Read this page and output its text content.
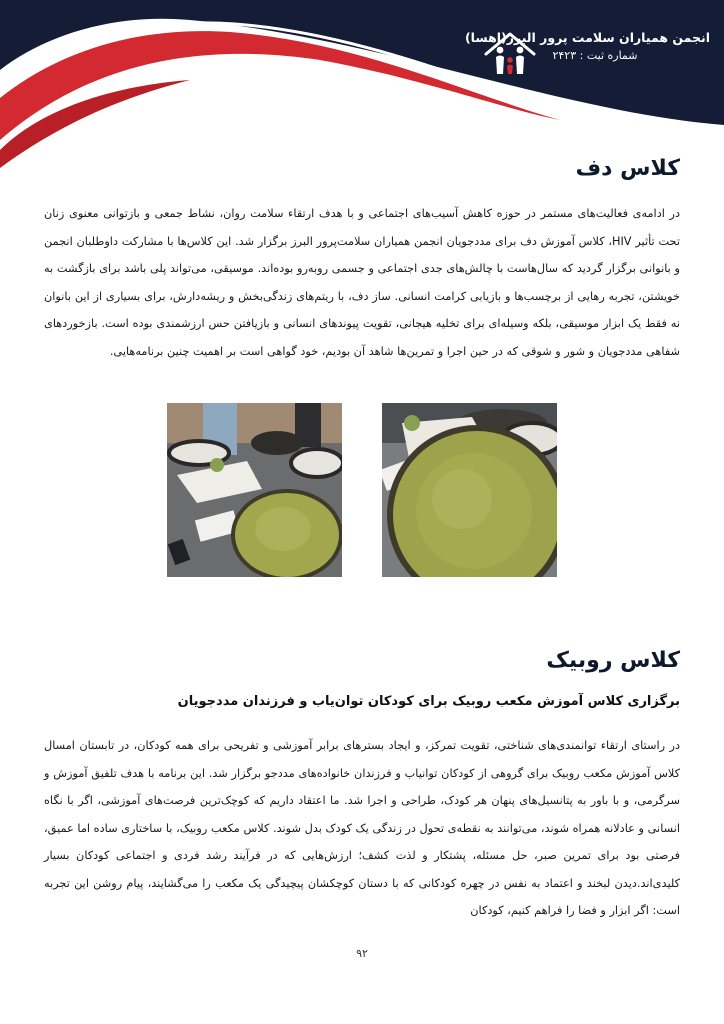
انجمن همیاران سلامت پرور البرز(اهسا)
شماره ثبت : ۲۴۲۳
کلاس دف

در ادامه‌ی فعالیت‌های مستمر در حوزه کاهش آسیب‌های اجتماعی و با هدف ارتقاء سلامت روان، نشاط جمعی و بازتوانی معنوی زنان تحت تأثیر HIV، کلاس آموزش دف برای مددجویان انجمن همیاران سلامت‌پرور البرز برگزار شد. این کلاس‌ها با مشارکت داوطلبان انجمن و بانوانی برگزار گردید که سال‌هاست با چالش‌های جدی اجتماعی و جسمی روبه‌رو بوده‌اند. موسیقی، می‌تواند پلی باشد برای بازگشت به خویشتن، تجربه رهایی از برچسب‌ها و بازیابی کرامت انسانی. ساز دف، با ریتم‌های زندگی‌بخش و ریشه‌دارش، برای بسیاری از این بانوان نه فقط یک ابزار موسیقی، بلکه وسیله‌ای برای تخلیه هیجانی، تقویت پیوندهای انسانی و بازیافتن حس ارزشمندی بوده است. بازخوردهای شفاهی مددجویان و شور و شوقی که در حین اجرا و تمرین‌ها شاهد آن بودیم، خود گواهی است بر اهمیت چنین برنامه‌هایی.

کلاس روبیک
برگزاری کلاس آموزش مکعب روبیک برای کودکان توان‌یاب و فرزندان مددجویان

در راستای ارتقاء توانمندی‌های شناختی، تقویت تمرکز، و ایجاد بسترهای برابر آموزشی و تفریحی برای همه کودکان، در تابستان امسال کلاس آموزش مکعب روبیک برای گروهی از کودکان توانیاب و فرزندان خانواده‌های مددجو برگزار شد. این برنامه با هدف تلفیق آموزش و سرگرمی، و با باور به پتانسیل‌های پنهان هر کودک، طراحی و اجرا شد. ما اعتقاد داریم که کوچک‌ترین فرصت‌های آموزشی، اگر با نگاه انسانی و عادلانه همراه شوند، می‌توانند به نقطه‌ی تحول در زندگی یک کودک بدل شوند. کلاس مکعب روبیک، با ساختاری ساده اما عمیق، فرصتی بود برای تمرین صبر، حل مسئله، پشتکار و لذت کشف؛ ارزش‌هایی که در فرآیند رشد فردی و اجتماعی کودکان بسیار کلیدی‌اند.دیدن لبخند و اعتماد به نفس در چهره کودکانی که با دستان کوچکشان پیچیدگی یک مکعب را می‌گشایند، پیام روشن این تجربه است: اگر ابزار و فضا را فراهم کنیم، کودکان

۹۲
